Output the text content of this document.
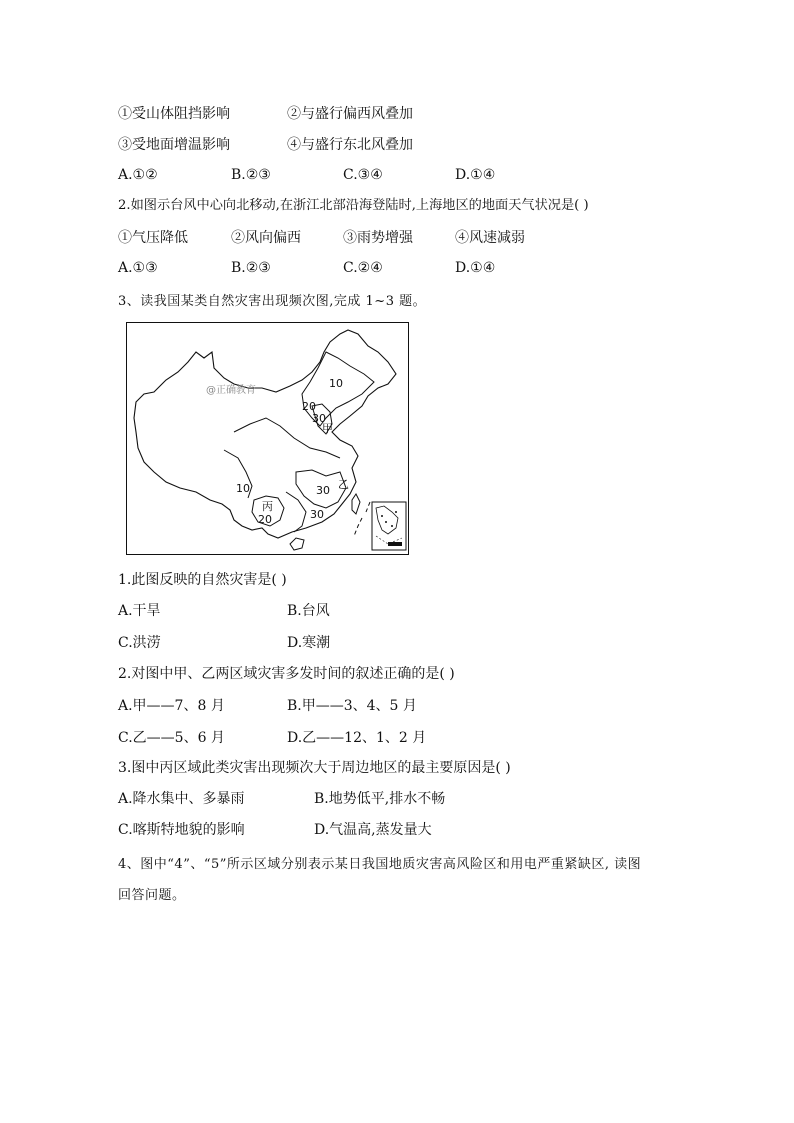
①受山体阻挡影响	②与盛行偏西风叠加
③受地面增温影响	④与盛行东北风叠加
A.①②	B.②③	C.③④	D.①④
2.如图示台风中心向北移动,在浙江北部沿海登陆时,上海地区的地面天气状况是( )
①气压降低	②风向偏西	③雨势增强	④风速减弱
A.①③	B.②③	C.②④	D.①④
3、读我国某类自然灾害出现频次图,完成 1~3 题。
@正确教育
10
20
30
10	30
30
20
甲
乙
丙
1.此图反映的自然灾害是( )
A.干旱	B.台风
C.洪涝	D.寒潮
2.对图中甲、乙两区域灾害多发时间的叙述正确的是( )
A.甲——7、8 月	B.甲——3、4、5 月
C.乙——5、6 月	D.乙——12、1、2 月
3.图中丙区域此类灾害出现频次大于周边地区的最主要原因是( )
A.降水集中、多暴雨	B.地势低平,排水不畅
C.喀斯特地貌的影响	D.气温高,蒸发量大
4、图中“4”、“5”所示区域分别表示某日我国地质灾害高风险区和用电严重紧缺区, 读图
回答问题。
